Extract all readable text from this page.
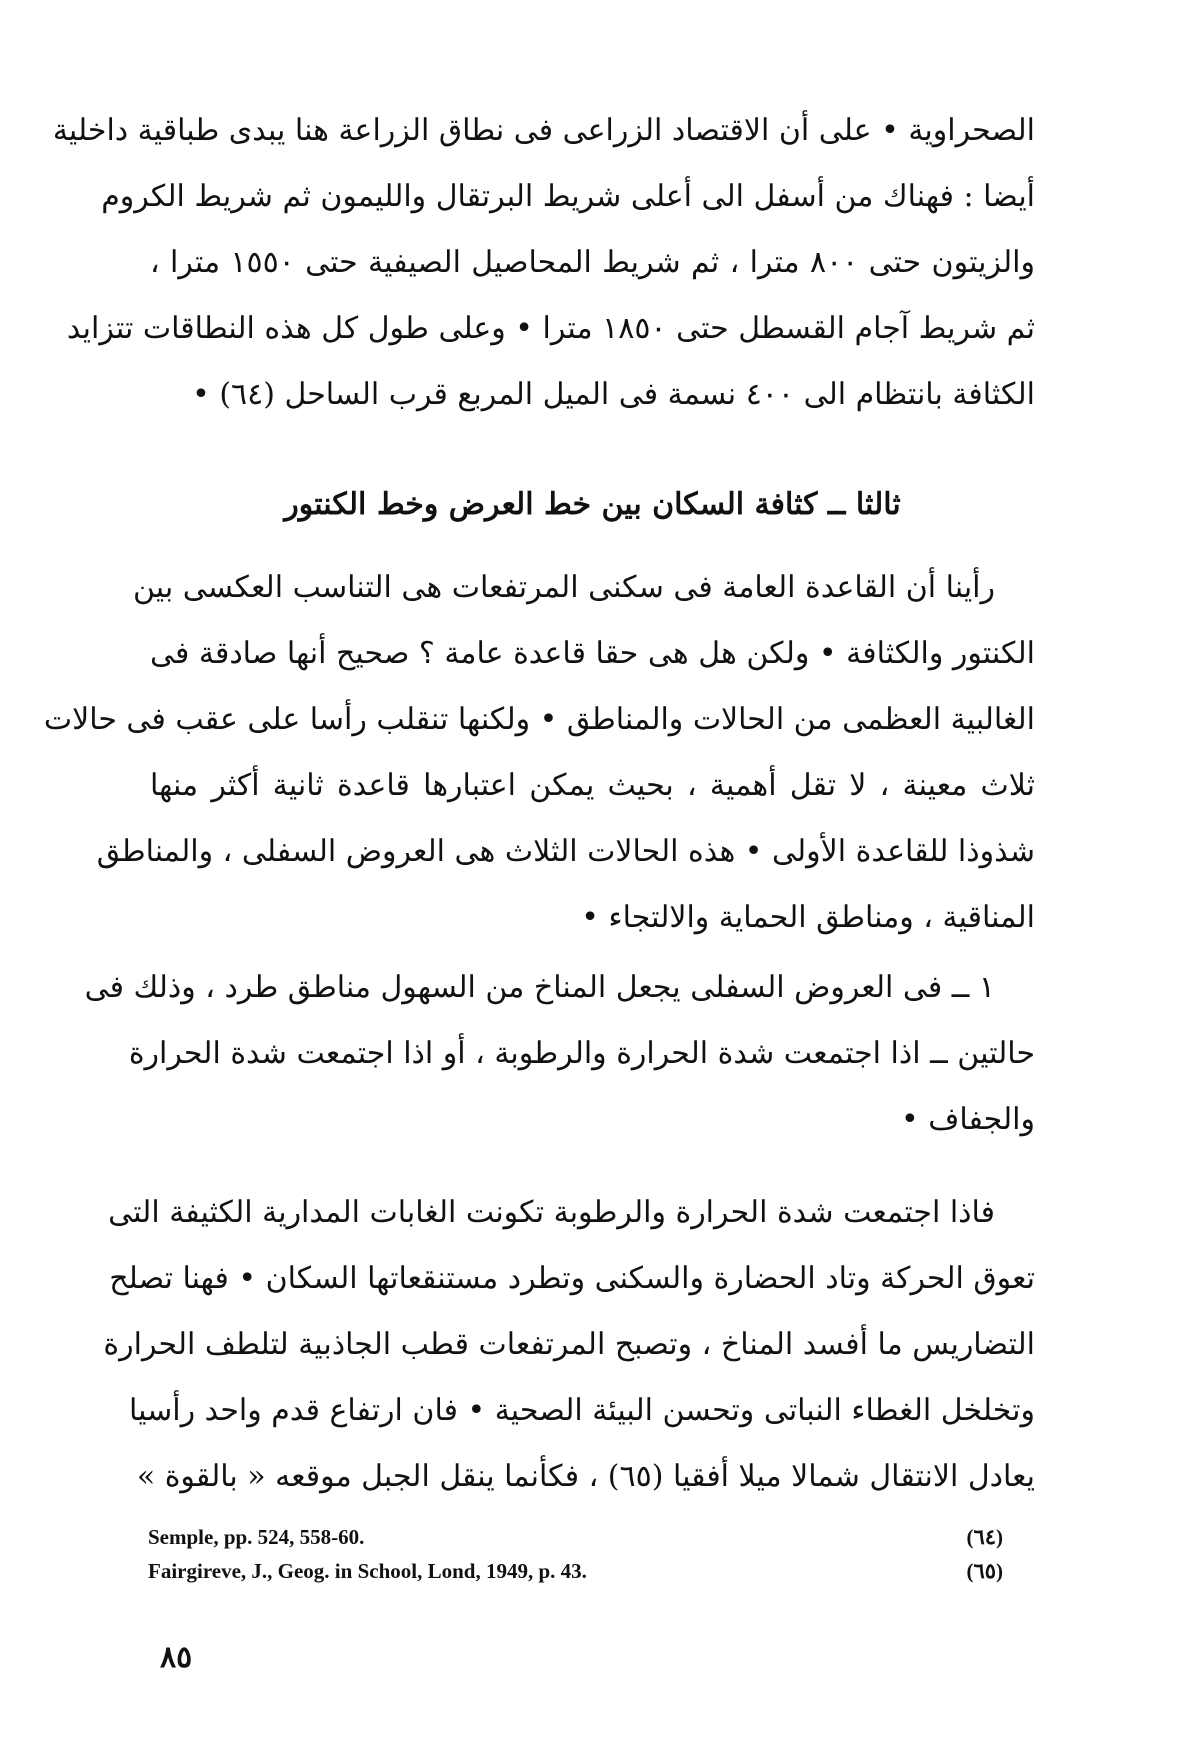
الصحراوية • على أن الاقتصاد الزراعى فى نطاق الزراعة هنا يبدى طباقية داخلية
أيضا : فهناك من أسفل الى أعلى شريط البرتقال والليمون ثم شريط الكروم
والزيتون حتى ٨٠٠ مترا ، ثم شريط المحاصيل الصيفية حتى ١٥٥٠ مترا ،
ثم شريط آجام القسطل حتى ١٨٥٠ مترا • وعلى طول كل هذه النطاقات تتزايد
الكثافة بانتظام الى ٤٠٠ نسمة فى الميل المربع قرب الساحل (٦٤) •
ثالثا ــ كثافة السكان بين خط العرض وخط الكنتور
رأينا أن القاعدة العامة فى سكنى المرتفعات هى التناسب العكسى بين
الكنتور والكثافة • ولكن هل هى حقا قاعدة عامة ؟ صحيح أنها صادقة فى
الغالبية العظمى من الحالات والمناطق • ولكنها تنقلب رأسا على عقب فى حالات
ثلاث معينة ، لا تقل أهمية ، بحيث يمكن اعتبارها قاعدة ثانية أكثر منها
شذوذا للقاعدة الأولى • هذه الحالات الثلاث هى العروض السفلى ، والمناطق
المناقية ، ومناطق الحماية والالتجاء •
١ ــ فى العروض السفلى يجعل المناخ من السهول مناطق طرد ، وذلك فى
حالتين ــ اذا اجتمعت شدة الحرارة والرطوبة ، أو اذا اجتمعت شدة الحرارة
والجفاف •
فاذا اجتمعت شدة الحرارة والرطوبة تكونت الغابات المدارية الكثيفة التى
تعوق الحركة وتاد الحضارة والسكنى وتطرد مستنقعاتها السكان • فهنا تصلح
التضاريس ما أفسد المناخ ، وتصبح المرتفعات قطب الجاذبية لتلطف الحرارة
وتخلخل الغطاء النباتى وتحسن البيئة الصحية • فان ارتفاع قدم واحد رأسيا
يعادل الانتقال شمالا ميلا أفقيا (٦٥) ، فكأنما ينقل الجبل موقعه « بالقوة »
Semple, pp. 524, 558-60.	(٦٤)
Fairgireve, J., Geog. in School, Lond, 1949, p. 43.	(٦٥)
٨٥
